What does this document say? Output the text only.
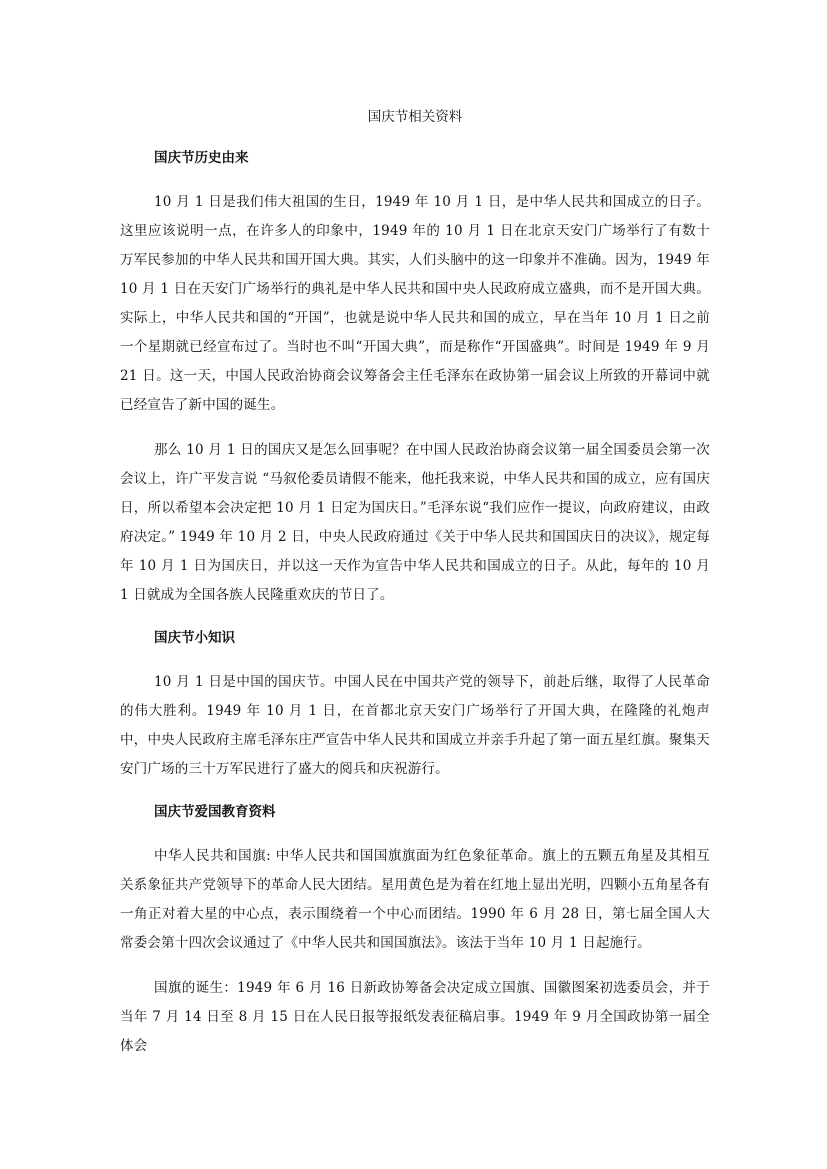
国庆节相关资料
国庆节历史由来

10 月 1 日是我们伟大祖国的生日，1949 年 10 月 1 日，是中华人民共和国成立的日子。这里应该说明一点，在许多人的印象中，1949 年的 10 月 1 日在北京天安门广场举行了有数十万军民参加的中华人民共和国开国大典。其实，人们头脑中的这一印象并不准确。因为，1949 年 10 月 1 日在天安门广场举行的典礼是中华人民共和国中央人民政府成立盛典，而不是开国大典。实际上，中华人民共和国的“开国”，也就是说中华人民共和国的成立，早在当年 10 月 1 日之前一个星期就已经宣布过了。当时也不叫“开国大典”，而是称作“开国盛典”。时间是 1949 年 9 月 21 日。这一天，中国人民政治协商会议筹备会主任毛泽东在政协第一届会议上所致的开幕词中就已经宣告了新中国的诞生。

那么 10 月 1 日的国庆又是怎么回事呢？在中国人民政治协商会议第一届全国委员会第一次会议上，许广平发言说 “马叙伦委员请假不能来，他托我来说，中华人民共和国的成立，应有国庆日，所以希望本会决定把 10 月 1 日定为国庆日。”毛泽东说“我们应作一提议，向政府建议，由政府决定。” 1949 年 10 月 2 日，中央人民政府通过《关于中华人民共和国国庆日的决议》，规定每年 10 月 1 日为国庆日，并以这一天作为宣告中华人民共和国成立的日子。从此，每年的 10 月 1 日就成为全国各族人民隆重欢庆的节日了。

国庆节小知识

10 月 1 日是中国的国庆节。中国人民在中国共产党的领导下，前赴后继，取得了人民革命的伟大胜利。1949 年 10 月 1 日，在首都北京天安门广场举行了开国大典，在隆隆的礼炮声中，中央人民政府主席毛泽东庄严宣告中华人民共和国成立并亲手升起了第一面五星红旗。聚集天安门广场的三十万军民进行了盛大的阅兵和庆祝游行。

国庆节爱国教育资料

中华人民共和国旗: 中华人民共和国国旗旗面为红色象征革命。旗上的五颗五角星及其相互关系象征共产党领导下的革命人民大团结。星用黄色是为着在红地上显出光明，四颗小五角星各有一角正对着大星的中心点，表示围绕着一个中心而团结。1990 年 6 月 28 日，第七届全国人大常委会第十四次会议通过了《中华人民共和国国旗法》。该法于当年 10 月 1 日起施行。

国旗的诞生：1949 年 6 月 16 日新政协筹备会决定成立国旗、国徽图案初选委员会，并于当年 7 月 14 日至 8 月 15 日在人民日报等报纸发表征稿启事。1949 年 9 月全国政协第一届全体会
